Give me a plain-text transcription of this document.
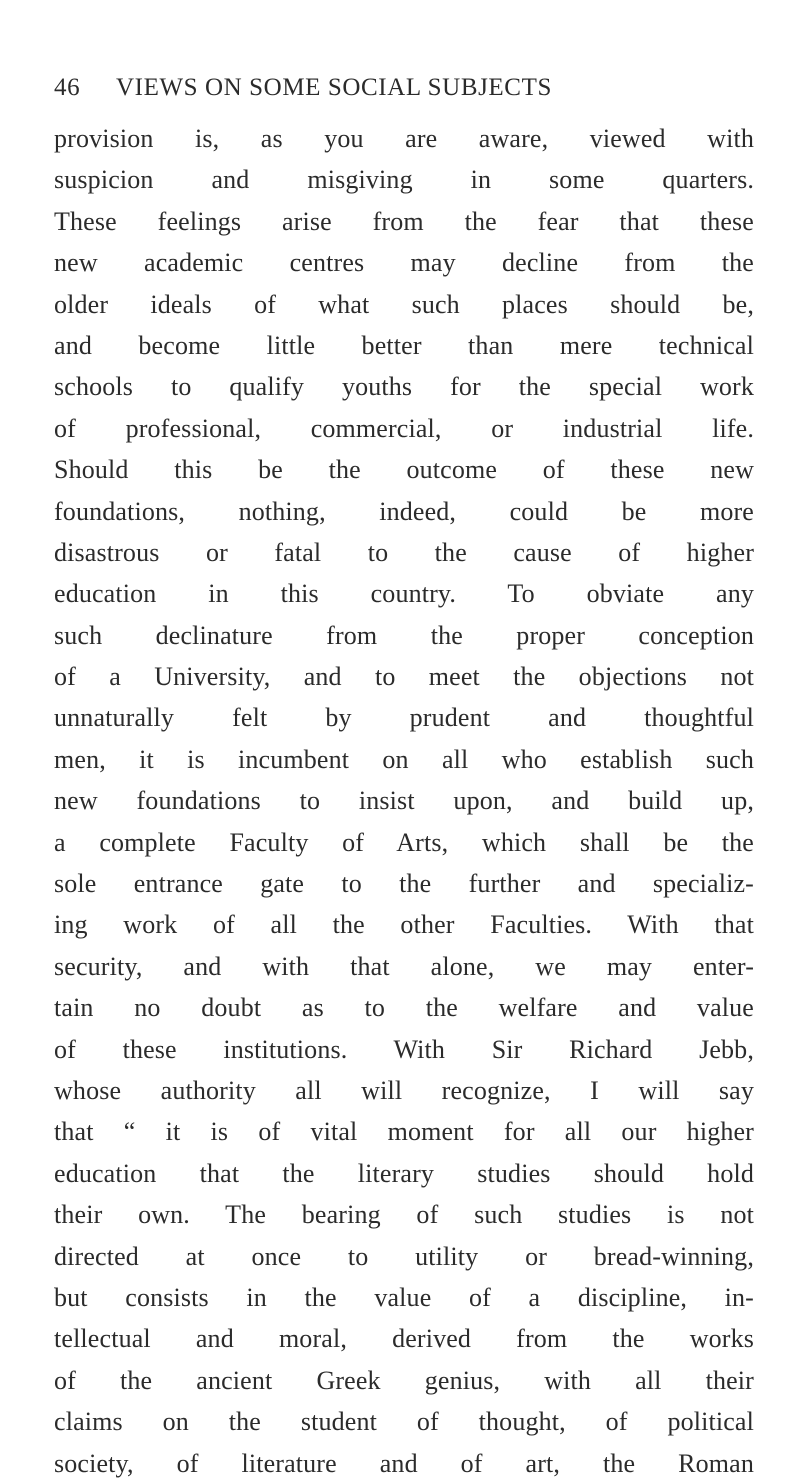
46 VIEWS ON SOME SOCIAL SUBJECTS
provision is, as you are aware, viewed with
suspicion and misgiving in some quarters.
These feelings arise from the fear that these
new academic centres may decline from the
older ideals of what such places should be,
and become little better than mere technical
schools to qualify youths for the special work
of professional, commercial, or industrial life.
Should this be the outcome of these new
foundations, nothing, indeed, could be more
disastrous or fatal to the cause of higher
education in this country. To obviate any
such declinature from the proper conception
of a University, and to meet the objections not
unnaturally felt by prudent and thoughtful
men, it is incumbent on all who establish such
new foundations to insist upon, and build up,
a complete Faculty of Arts, which shall be the
sole entrance gate to the further and specializ-
ing work of all the other Faculties. With that
security, and with that alone, we may enter-
tain no doubt as to the welfare and value
of these institutions. With Sir Richard Jebb,
whose authority all will recognize, I will say
that “ it is of vital moment for all our higher
education that the literary studies should hold
their own. The bearing of such studies is not
directed at once to utility or bread-winning,
but consists in the value of a discipline, in-
tellectual and moral, derived from the works
of the ancient Greek genius, with all their
claims on the student of thought, of political
society, of literature and of art, the Roman
